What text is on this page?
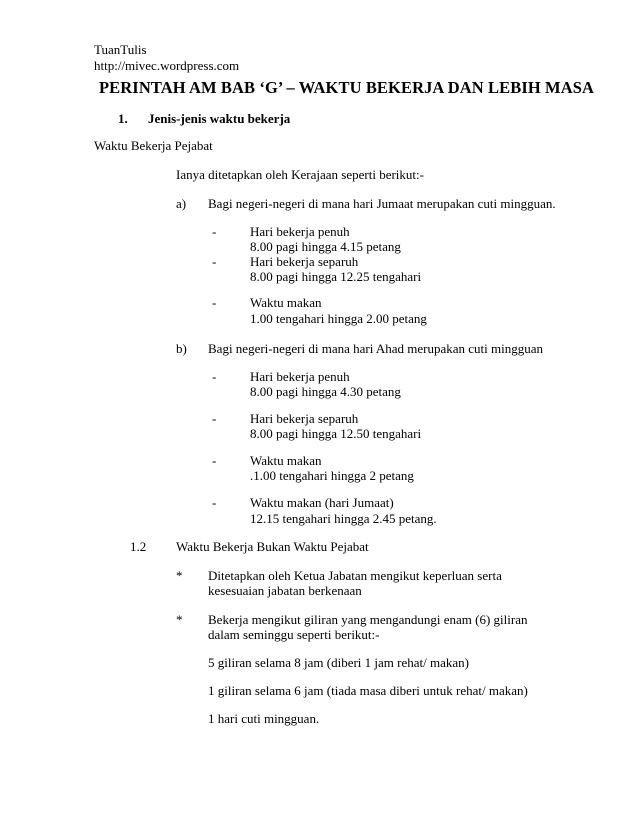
TuanTulis
http://mivec.wordpress.com
PERINTAH AM BAB ‘G’ – WAKTU BEKERJA DAN LEBIH MASA
1. Jenis-jenis waktu bekerja
Waktu Bekerja Pejabat
Ianya ditetapkan oleh Kerajaan seperti berikut:-
a) Bagi negeri-negeri di mana hari Jumaat merupakan cuti mingguan.
-	Hari bekerja penuh
8.00 pagi hingga 4.15 petang
-	Hari bekerja separuh
8.00 pagi hingga 12.25 tengahari
-	Waktu makan
1.00 tengahari hingga 2.00 petang
b) Bagi negeri-negeri di mana hari Ahad merupakan cuti mingguan
-	Hari bekerja penuh
8.00 pagi hingga 4.30 petang
-	Hari bekerja separuh
8.00 pagi hingga 12.50 tengahari
-	Waktu makan
.1.00 tengahari hingga 2 petang
-	Waktu makan (hari Jumaat)
12.15 tengahari hingga 2.45 petang.
1.2 Waktu Bekerja Bukan Waktu Pejabat
* Ditetapkan oleh Ketua Jabatan mengikut keperluan serta
kesesuaian jabatan berkenaan
* Bekerja mengikut giliran yang mengandungi enam (6) giliran
dalam seminggu seperti berikut:-
5 giliran selama 8 jam (diberi 1 jam rehat/ makan)
1 giliran selama 6 jam (tiada masa diberi untuk rehat/ makan)
1 hari cuti mingguan.
